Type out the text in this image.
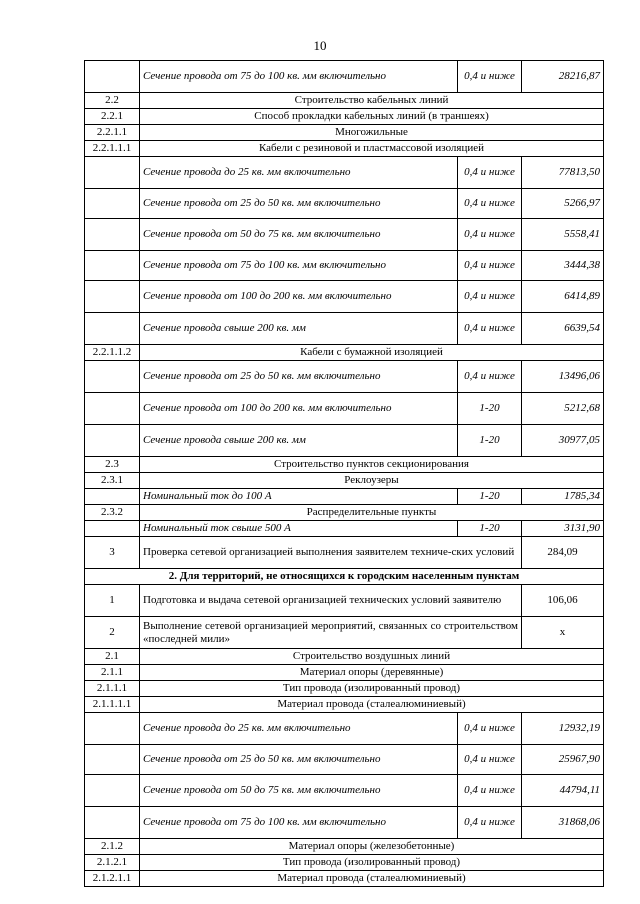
10
	Сечение провода от 75 до 100 кв. мм включительно	0,4 и ниже	28216,87
2.2	Строительство кабельных линий		
2.2.1	Способ прокладки кабельных линий (в траншеях)		
2.2.1.1	Многожильные		
2.2.1.1.1	Кабели с резиновой и пластмассовой изоляцией		
	Сечение провода до 25 кв. мм включительно	0,4 и ниже	77813,50
	Сечение провода от 25 до 50 кв. мм включительно	0,4 и ниже	5266,97
	Сечение провода от 50 до 75 кв. мм включительно	0,4 и ниже	5558,41
	Сечение провода от 75 до 100 кв. мм включительно	0,4 и ниже	3444,38
	Сечение провода от 100 до 200 кв. мм включительно	0,4 и ниже	6414,89
	Сечение провода свыше 200 кв. мм	0,4 и ниже	6639,54
2.2.1.1.2	Кабели с бумажной изоляцией		
	Сечение провода от 25 до 50 кв. мм включительно	0,4 и ниже	13496,06
	Сечение провода от 100 до 200 кв. мм включительно	1-20	5212,68
	Сечение провода свыше 200 кв. мм	1-20	30977,05
2.3	Строительство пунктов секционирования		
2.3.1	Реклоузеры		
	Номинальный ток до 100 А	1-20	1785,34
2.3.2	Распределительные пункты		
	Номинальный ток свыше 500 А	1-20	3131,90
3	Проверка сетевой организацией выполнения заявителем техниче-ских условий		284,09
2. Для территорий, не относящихся к городским населенным пунктам			
1	Подготовка и выдача сетевой организацией технических условий заявителю		106,06
2	Выполнение сетевой организацией мероприятий, связанных со строительством «последней мили»		x
2.1	Строительство воздушных линий		
2.1.1	Материал опоры (деревянные)		
2.1.1.1	Тип провода (изолированный провод)		
2.1.1.1.1	Материал провода (сталеалюминиевый)		
	Сечение провода до 25 кв. мм включительно	0,4 и ниже	12932,19
	Сечение провода от 25 до 50 кв. мм включительно	0,4 и ниже	25967,90
	Сечение провода от 50 до 75 кв. мм включительно	0,4 и ниже	44794,11
	Сечение провода от 75 до 100 кв. мм включительно	0,4 и ниже	31868,06
2.1.2	Материал опоры (железобетонные)		
2.1.2.1	Тип провода (изолированный провод)		
2.1.2.1.1	Материал провода (сталеалюминиевый)		
